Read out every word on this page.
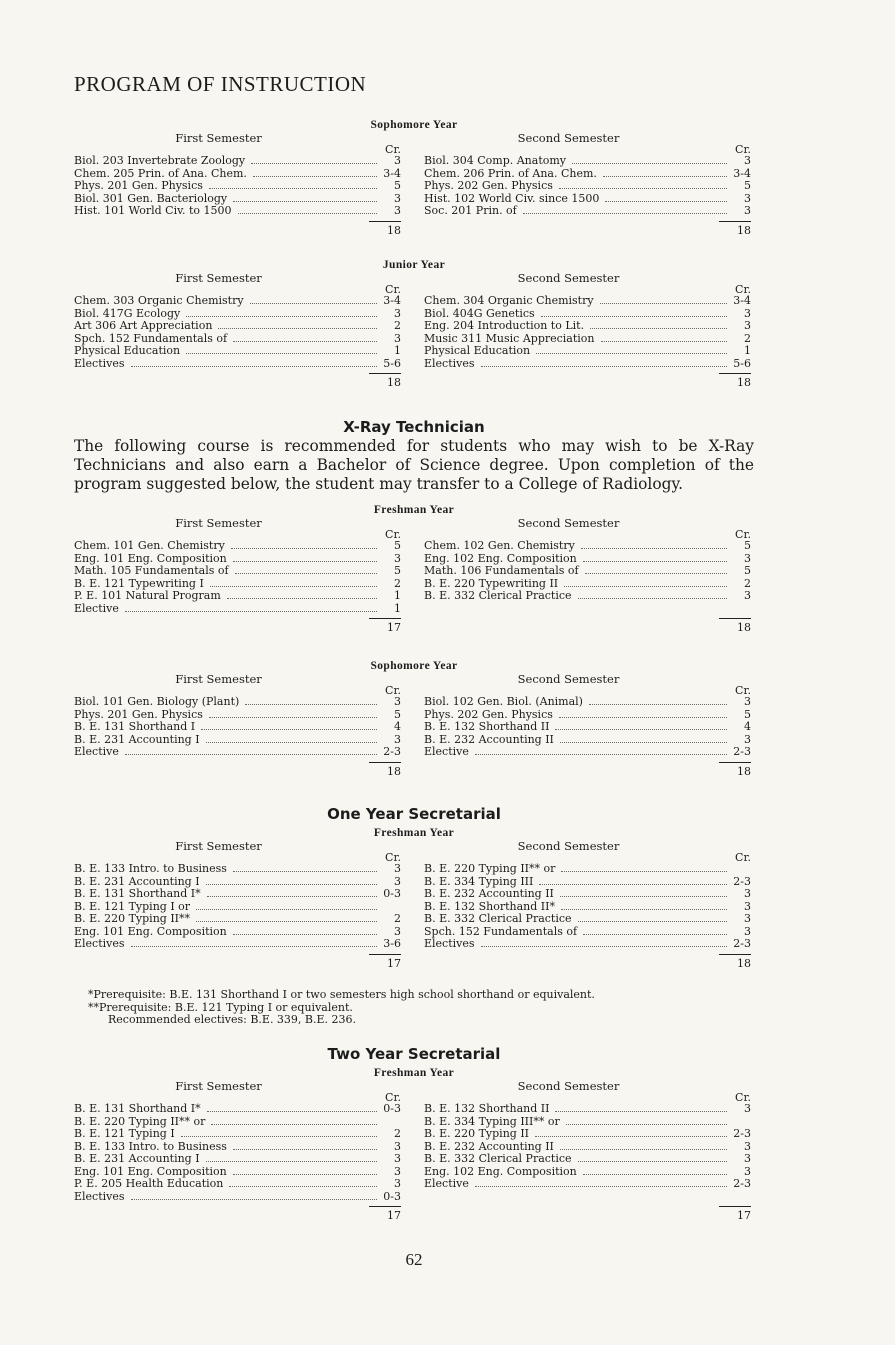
PROGRAM OF INSTRUCTION
Sophomore Year
First Semester
Cr.
Biol. 203 Invertebrate Zoology	3
Chem. 205 Prin. of Ana. Chem.	3-4
Phys. 201 Gen. Physics	5
Biol. 301 Gen. Bacteriology	3
Hist. 101 World Civ. to 1500	3
18
Second Semester
Cr.
Biol. 304 Comp. Anatomy	3
Chem. 206 Prin. of Ana. Chem.	3-4
Phys. 202 Gen. Physics	5
Hist. 102 World Civ. since 1500	3
Soc. 201 Prin. of	3
18
Junior Year
First Semester
Cr.
Chem. 303 Organic Chemistry	3-4
Biol. 417G Ecology	3
Art 306 Art Appreciation	2
Spch. 152 Fundamentals of	3
Physical Education	1
Electives	5-6
18
Second Semester
Cr.
Chem. 304 Organic Chemistry	3-4
Biol. 404G Genetics	3
Eng. 204 Introduction to Lit.	3
Music 311 Music Appreciation	2
Physical Education	1
Electives	5-6
18
X-Ray Technician

The following course is recommended for students who may wish to be X-Ray Technicians and also earn a Bachelor of Science degree. Upon completion of the program suggested below, the student may transfer to a College of Radiology.

Freshman Year
First Semester
Cr.
Chem. 101 Gen. Chemistry	5
Eng. 101 Eng. Composition	3
Math. 105 Fundamentals of	5
B. E. 121 Typewriting I	2
P. E. 101 Natural Program	1
Elective	1
17
Second Semester
Cr.
Chem. 102 Gen. Chemistry	5
Eng. 102 Eng. Composition	3
Math. 106 Fundamentals of	5
B. E. 220 Typewriting II	2
B. E. 332 Clerical Practice	3
18
Sophomore Year
First Semester
Cr.
Biol. 101 Gen. Biology (Plant)	3
Phys. 201 Gen. Physics	5
B. E. 131 Shorthand I	4
B. E. 231 Accounting I	3
Elective	2-3
18
Second Semester
Cr.
Biol. 102 Gen. Biol. (Animal)	3
Phys. 202 Gen. Physics	5
B. E. 132 Shorthand II	4
B. E. 232 Accounting II	3
Elective	2-3
18
One Year Secretarial
Freshman Year
First Semester
Cr.
B. E. 133 Intro. to Business	3
B. E. 231 Accounting I	3
B. E. 131 Shorthand I*	0-3
B. E. 121 Typing I or
B. E. 220 Typing II**	2
Eng. 101 Eng. Composition	3
Electives	3-6
17
Second Semester
Cr.
B. E. 220 Typing II** or
B. E. 334 Typing III	2-3
B. E. 232 Accounting II	3
B. E. 132 Shorthand II*	3
B. E. 332 Clerical Practice	3
Spch. 152 Fundamentals of	3
Electives	2-3
18
*Prerequisite: B.E. 131 Shorthand I or two semesters high school shorthand or equivalent.
**Prerequisite: B.E. 121 Typing I or equivalent.
Recommended electives: B.E. 339, B.E. 236.
Two Year Secretarial
Freshman Year
First Semester
Cr.
B. E. 131 Shorthand I*	0-3
B. E. 220 Typing II** or
B. E. 121 Typing I	2
B. E. 133 Intro. to Business	3
B. E. 231 Accounting I	3
Eng. 101 Eng. Composition	3
P. E. 205 Health Education	3
Electives	0-3
17
Second Semester
Cr.
B. E. 132 Shorthand II	3
B. E. 334 Typing III** or
B. E. 220 Typing II	2-3
B. E. 232 Accounting II	3
B. E. 332 Clerical Practice	3
Eng. 102 Eng. Composition	3
Elective	2-3
17
62
